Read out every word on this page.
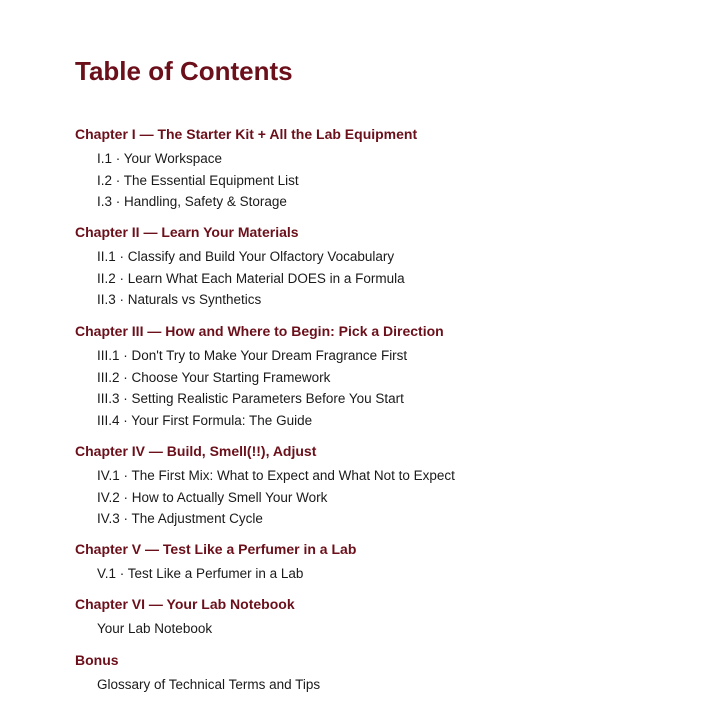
Table of Contents
Chapter I — The Starter Kit + All the Lab Equipment
I.1 · Your Workspace
I.2 · The Essential Equipment List
I.3 · Handling, Safety & Storage
Chapter II — Learn Your Materials
II.1 · Classify and Build Your Olfactory Vocabulary
II.2 · Learn What Each Material DOES in a Formula
II.3 · Naturals vs Synthetics
Chapter III — How and Where to Begin: Pick a Direction
III.1 · Don't Try to Make Your Dream Fragrance First
III.2 · Choose Your Starting Framework
III.3 · Setting Realistic Parameters Before You Start
III.4 · Your First Formula: The Guide
Chapter IV — Build, Smell(!!), Adjust
IV.1 · The First Mix: What to Expect and What Not to Expect
IV.2 · How to Actually Smell Your Work
IV.3 · The Adjustment Cycle
Chapter V — Test Like a Perfumer in a Lab
V.1 · Test Like a Perfumer in a Lab
Chapter VI — Your Lab Notebook
Your Lab Notebook
Bonus
Glossary of Technical Terms and Tips
